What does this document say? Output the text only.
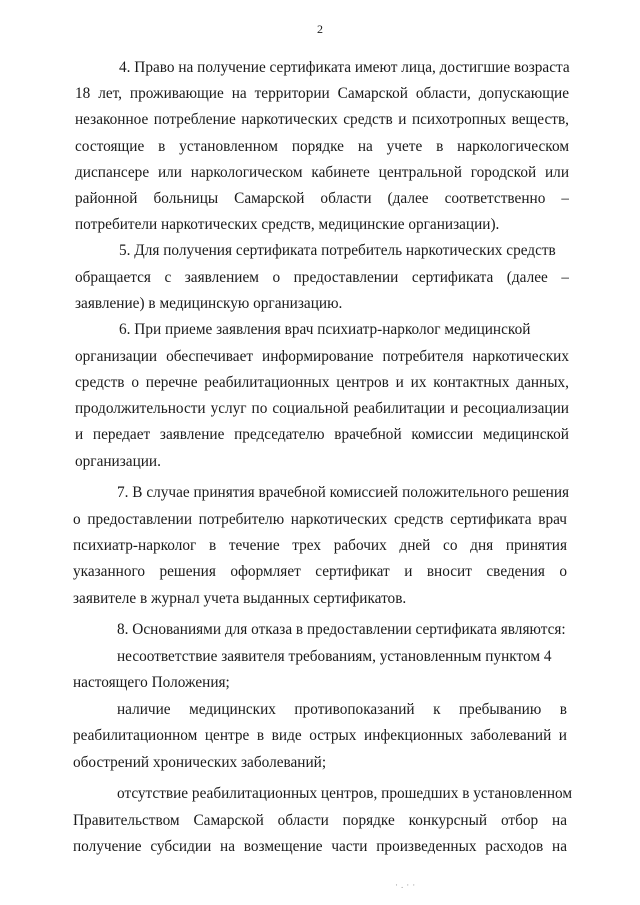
2

4. Право на получение сертификата имеют лица, достигшие возраста

18 лет, проживающие на территории Самарской области, допускающие

незаконное потребление наркотических средств и психотропных веществ,

состоящие в установленном порядке на учете в наркологическом

диспансере или наркологическом кабинете центральной городской или

районной больницы Самарской области (далее соответственно –

потребители наркотических средств, медицинские организации).

5. Для получения сертификата потребитель наркотических средств

обращается с заявлением о предоставлении сертификата (далее –

заявление) в медицинскую организацию.

6. При приеме заявления врач психиатр-нарколог медицинской

организации обеспечивает информирование потребителя наркотических

средств о перечне реабилитационных центров и их контактных данных,

продолжительности услуг по социальной реабилитации и ресоциализации

и передает заявление председателю врачебной комиссии медицинской

организации.

7. В случае принятия врачебной комиссией положительного решения

о предоставлении потребителю наркотических средств сертификата врач

психиатр-нарколог в течение трех рабочих дней со дня принятия

указанного решения оформляет сертификат и вносит сведения о

заявителе в журнал учета выданных сертификатов.

8. Основаниями для отказа в предоставлении сертификата являются:

несоответствие заявителя требованиям, установленным пунктом 4

настоящего Положения;

наличие медицинских противопоказаний к пребыванию в

реабилитационном центре в виде острых инфекционных заболеваний и

обострений хронических заболеваний;

отсутствие реабилитационных центров, прошедших в установленном

Правительством Самарской области порядке конкурсный отбор на

получение субсидии на возмещение части произведенных расходов на

·.··
